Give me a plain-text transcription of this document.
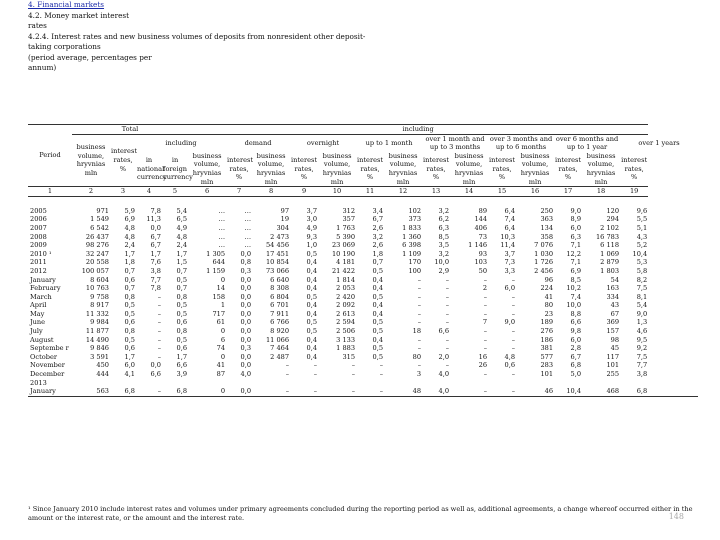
4. Financial markets
4.2. Money market interest
rates
4.2.4. Interest rates and new business volumes of deposits from nonresident other deposit-
taking corporations
(period average, percentages per
annum)
Period	Total				including													
	business volume, hryvnias mln	interest rates, %	including			demand		overnight		up to 1 month		over 1 month and up to 3 months		over 3 months and up to 6 months		over 6 months and up to 1 year		over 1 years
			in national currency	in foreign currency	business volume, hryvnias mln	interest rates, %	business volume, hryvnias mln	interest rates, %	business volume, hryvnias mln	interest rates, %	business volume, hryvnias mln	interest rates, %	business volume, hryvnias mln	interest rates, %	business volume, hryvnias mln	interest rates, %	business volume, hryvnias mln	interest rates, %
1	2	3	4	5	6	7	8	9	10	11	12	13	14	15	16	17	18	19

2005	971	5,9	7,8	5,4	…	…	97	3,7	312	3,4	102	3,2	89	6,4	250	9,0	120	9,6
2006	1 549	6,9	11,3	6,5	…	…	19	3,0	357	6,7	373	6,2	144	7,4	363	8,9	294	5,5
2007	6 542	4,8	0,0	4,9	…	…	304	4,9	1 763	2,6	1 833	6,3	406	6,4	134	6,0	2 102	5,1
2008	26 437	4,8	6,7	4,8	…	…	2 473	9,3	5 390	3,2	1 360	8,5	73	10,3	358	6,3	16 783	4,3
2009	98 276	2,4	6,7	2,4	…	…	54 456	1,0	23 069	2,6	6 398	3,5	1 146	11,4	7 076	7,1	6 118	5,2
2010 ¹	32 247	1,7	1,7	1,7	1 305	0,0	17 451	0,5	10 190	1,8	1 109	3,2	93	3,7	1 030	12,2	1 069	10,4
2011	20 558	1,8	7,6	1,5	644	0,8	10 854	0,4	4 181	0,7	170	10,0	103	7,3	1 726	7,1	2 879	5,3
2012	100 057	0,7	3,8	0,7	1 159	0,3	73 066	0,4	21 422	0,5	100	2,9	50	3,3	2 456	6,9	1 803	5,8
January	8 604	0,6	7,7	0,5	0	0,0	6 640	0,4	1 814	0,4	–	–	–	–	96	8,5	54	8,2
February	10 763	0,7	7,8	0,7	14	0,0	8 308	0,4	2 053	0,4	–	–	2	6,0	224	10,2	163	7,5
March	9 758	0,8	–	0,8	158	0,0	6 804	0,5	2 420	0,5	–	–	–	–	41	7,4	334	8,1
April	8 917	0,5	–	0,5	1	0,0	6 701	0,4	2 092	0,4	–	–	–	–	80	10,0	43	5,4
May	11 332	0,5	–	0,5	717	0,0	7 911	0,4	2 613	0,4	–	–	–	–	23	8,8	67	9,0
June	9 984	0,6	–	0,6	61	0,0	6 766	0,5	2 594	0,5	–	–	7	9,0	189	6,6	369	1,3
July	11 877	0,8	–	0,8	0	0,0	8 920	0,5	2 506	0,5	18	6,6	–	–	276	9,8	157	4,6
August	14 490	0,5	–	0,5	6	0,0	11 066	0,4	3 133	0,4	–	–	–	–	186	6,0	98	9,5
Septembe r	9 846	0,6	–	0,6	74	0,3	7 464	0,4	1 883	0,5	–	–	–	–	381	2,8	45	9,2
October	3 591	1,7	–	1,7	0	0,0	2 487	0,4	315	0,5	80	2,0	16	4,8	577	6,7	117	7,5
November	450	6,0	0,0	6,6	41	0,0	–	–	–	–	–	–	26	0,6	283	6,8	101	7,7
December	444	4,1	6,6	3,9	87	4,0	–	–	–	–	3	4,0	–	–	101	5,0	255	3,8
2013																		
January	563	6,8	–	6,8	0	0,0	–	–	–	–	48	4,0	–	–	46	10,4	468	6,8
¹ Since January 2010 include interest rates and volumes under primary agreements concluded during the reporting period as well as, additional agreements, a change whereof occurred either in the amount or the interest rate, or the amount and the interest rate.	148
